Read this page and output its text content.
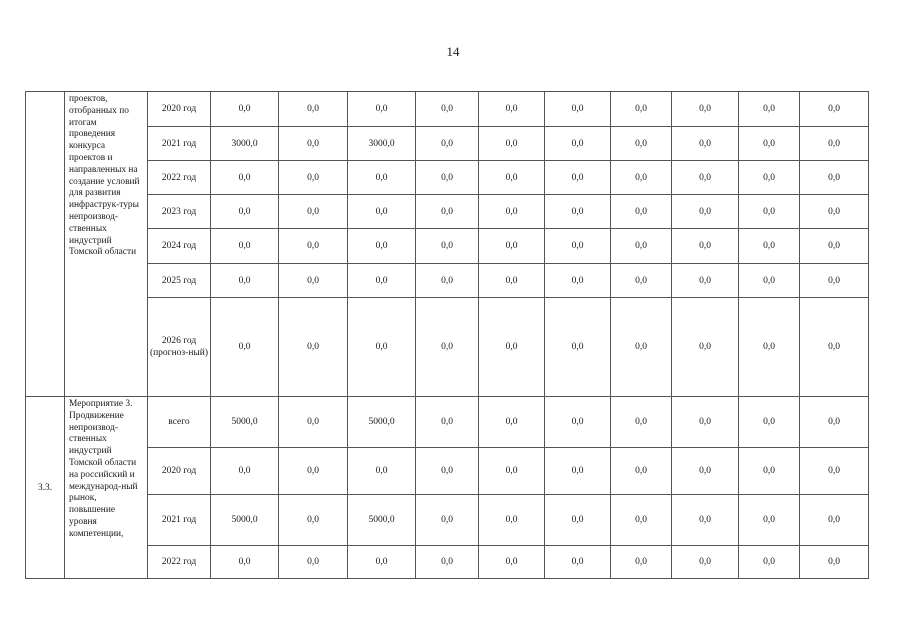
14
	проектов, отобранных по итогам проведения конкурса проектов и направленных на создание условий для развития инфраструк-туры непроизвод-ственных индустрий Томской области	2020 год	0,0	0,0	0,0	0,0	0,0	0,0	0,0	0,0	0,0	0,0
		2021 год	3000,0	0,0	3000,0	0,0	0,0	0,0	0,0	0,0	0,0	0,0
		2022 год	0,0	0,0	0,0	0,0	0,0	0,0	0,0	0,0	0,0	0,0
		2023 год	0,0	0,0	0,0	0,0	0,0	0,0	0,0	0,0	0,0	0,0
		2024 год	0,0	0,0	0,0	0,0	0,0	0,0	0,0	0,0	0,0	0,0
		2025 год	0,0	0,0	0,0	0,0	0,0	0,0	0,0	0,0	0,0	0,0
		2026 год (прогноз-ный)	0,0	0,0	0,0	0,0	0,0	0,0	0,0	0,0	0,0	0,0
3.3.	Мероприятие 3. Продвижение непроизвод-ственных индустрий Томской области на российский и международ-ный рынок, повышение уровня компетенции,	всего	5000,0	0,0	5000,0	0,0	0,0	0,0	0,0	0,0	0,0	0,0
		2020 год	0,0	0,0	0,0	0,0	0,0	0,0	0,0	0,0	0,0	0,0
		2021 год	5000,0	0,0	5000,0	0,0	0,0	0,0	0,0	0,0	0,0	0,0
		2022 год	0,0	0,0	0,0	0,0	0,0	0,0	0,0	0,0	0,0	0,0
